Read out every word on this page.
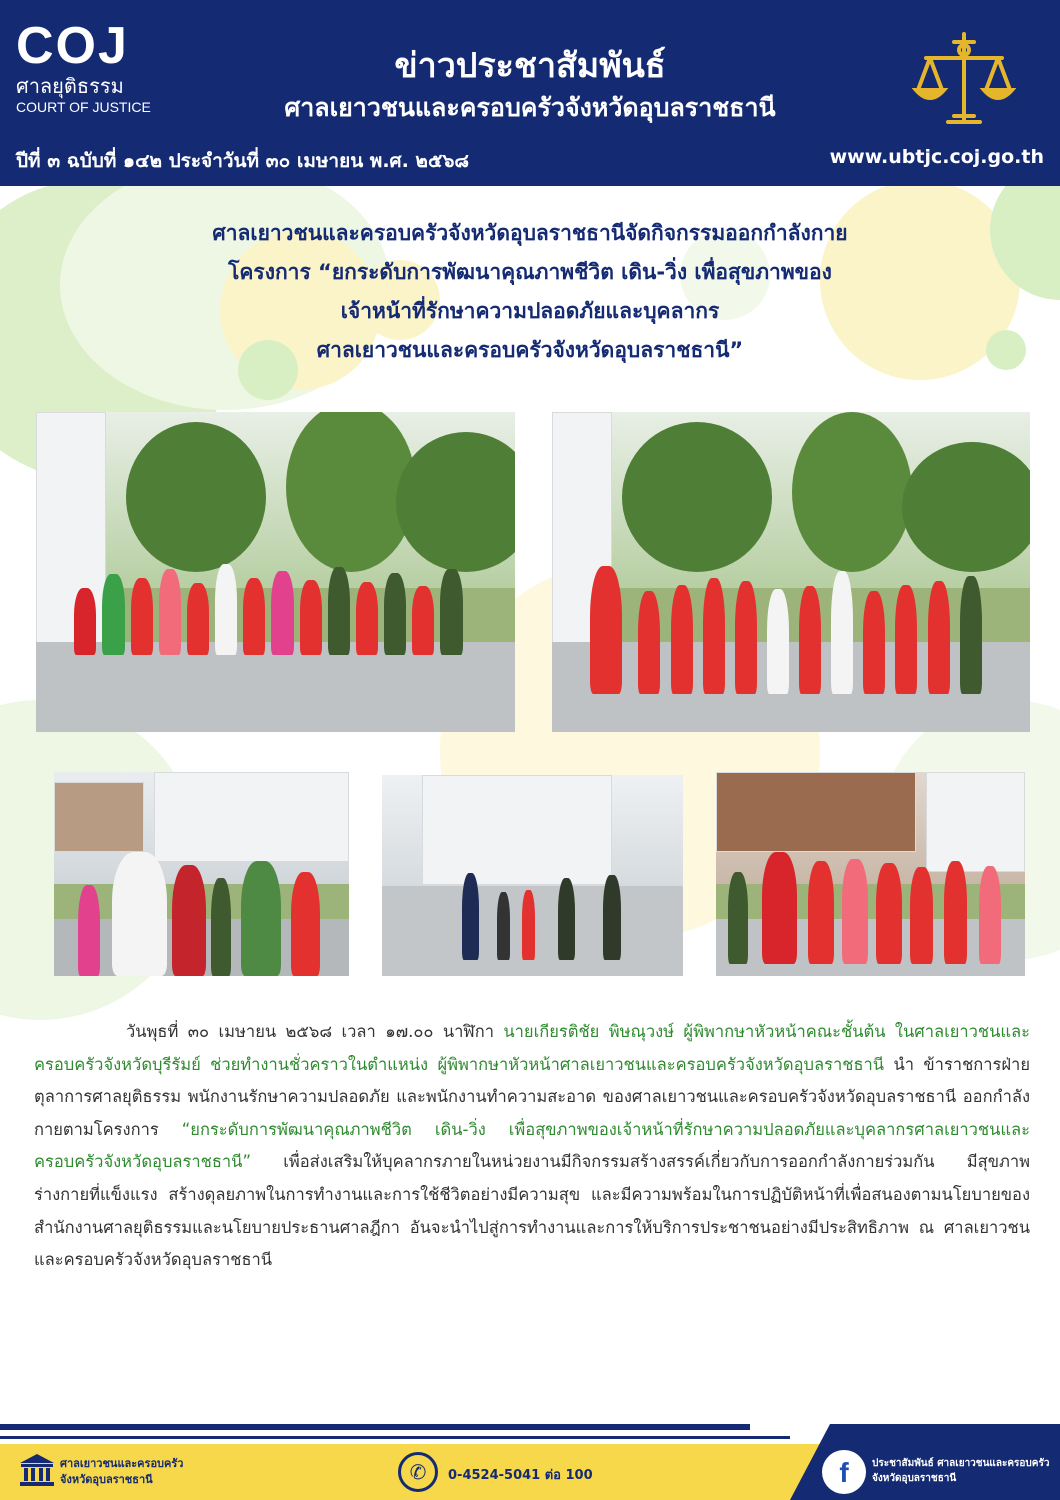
COJ
ศาลยุติธรรม
COURT OF JUSTICE
ข่าวประชาสัมพันธ์
ศาลเยาวชนและครอบครัวจังหวัดอุบลราชธานี
ปีที่ ๓ ฉบับที่ ๑๔๒ ประจำวันที่ ๓๐ เมษายน พ.ศ. ๒๕๖๘	www.ubtjc.coj.go.th
ศาลเยาวชนและครอบครัวจังหวัดอุบลราชธานีจัดกิจกรรมออกกำลังกาย
โครงการ “ยกระดับการพัฒนาคุณภาพชีวิต เดิน-วิ่ง เพื่อสุขภาพของ
เจ้าหน้าที่รักษาความปลอดภัยและบุคลากร
ศาลเยาวชนและครอบครัวจังหวัดอุบลราชธานี”
วันพุธที่ ๓๐ เมษายน ๒๕๖๘ เวลา ๑๗.๐๐ นาฬิกา นายเกียรติชัย พิษณุวงษ์ ผู้พิพากษาหัวหน้าคณะชั้นต้น ในศาลเยาวชนและครอบครัวจังหวัดบุรีรัมย์ ช่วยทำงานชั่วคราวในตำแหน่ง ผู้พิพากษาหัวหน้าศาลเยาวชนและครอบครัวจังหวัดอุบลราชธานี นำ ข้าราชการฝ่ายตุลาการศาลยุติธรรม พนักงานรักษาความปลอดภัย และพนักงานทำความสะอาด ของศาลเยาวชนและครอบครัวจังหวัดอุบลราชธานี ออกกำลังกายตามโครงการ “ยกระดับการพัฒนาคุณภาพชีวิต เดิน-วิ่ง เพื่อสุขภาพของเจ้าหน้าที่รักษาความปลอดภัยและบุคลากรศาลเยาวชนและครอบครัวจังหวัดอุบลราชธานี” เพื่อส่งเสริมให้บุคลากรภายในหน่วยงานมีกิจกรรมสร้างสรรค์เกี่ยวกับการออกกำลังกายร่วมกัน มีสุขภาพร่างกายที่แข็งแรง สร้างดุลยภาพในการทำงานและการใช้ชีวิตอย่างมีความสุข และมีความพร้อมในการปฏิบัติหน้าที่เพื่อสนองตามนโยบายของสำนักงานศาลยุติธรรมและนโยบายประธานศาลฎีกา อันจะนำไปสู่การทำงานและการให้บริการประชาชนอย่างมีประสิทธิภาพ ณ ศาลเยาวชนและครอบครัวจังหวัดอุบลราชธานี
ศาลเยาวชนและครอบครัว
จังหวัดอุบลราชธานี	✆	0-4524-5041 ต่อ 100	f	ประชาสัมพันธ์ ศาลเยาวชนและครอบครัว
จังหวัดอุบลราชธานี
